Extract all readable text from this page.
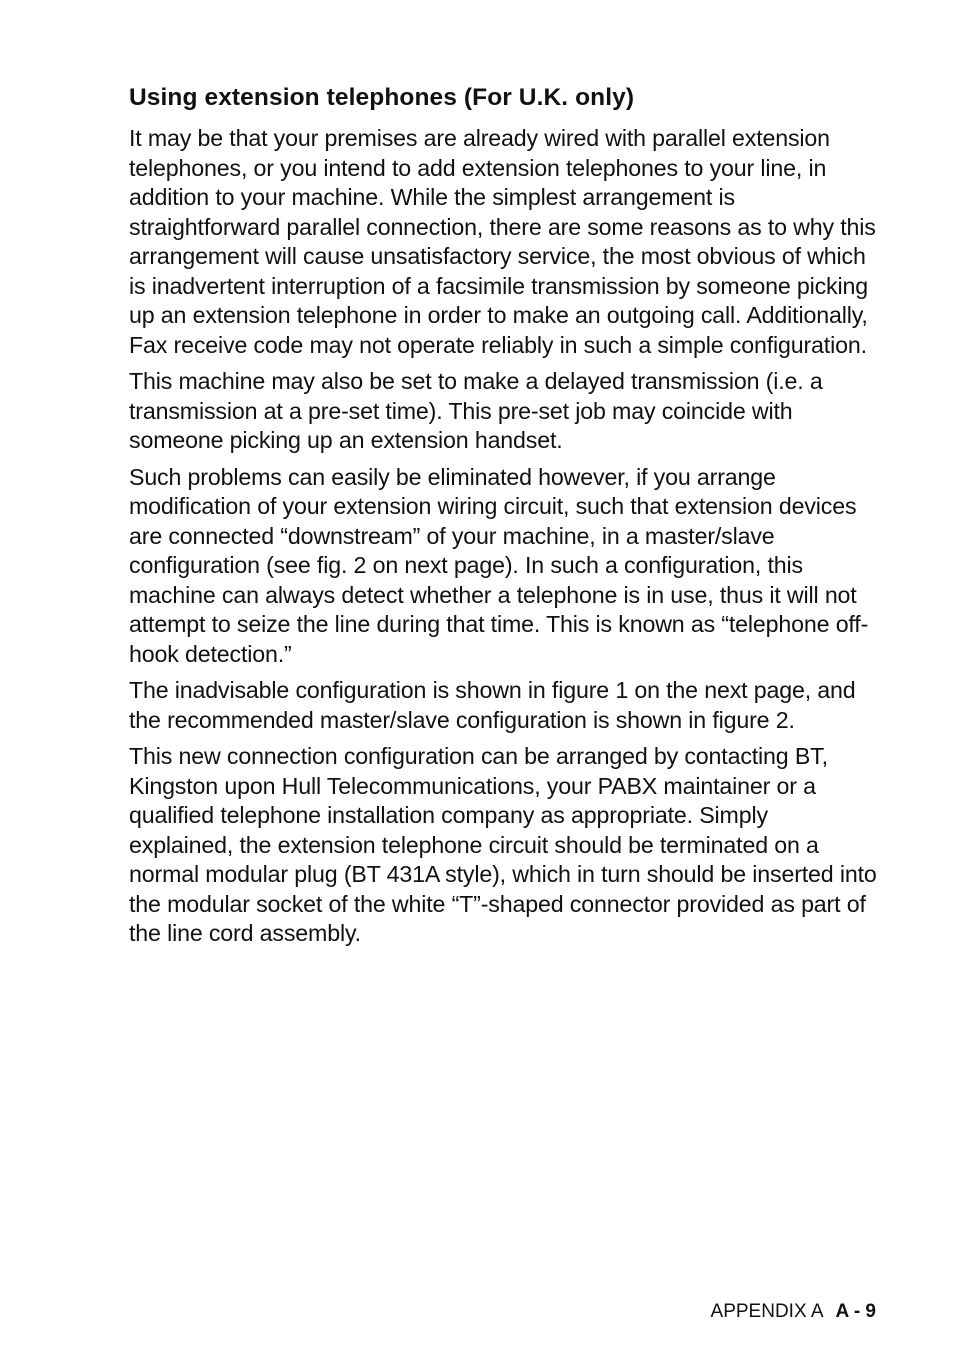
Using extension telephones (For U.K. only)

It may be that your premises are already wired with parallel extension telephones, or you intend to add extension telephones to your line, in addition to your machine. While the simplest arrangement is straightforward parallel connection, there are some reasons as to why this arrangement will cause unsatisfactory service, the most obvious of which is inadvertent interruption of a facsimile transmission by someone picking up an extension telephone in order to make an outgoing call. Additionally, Fax receive code may not operate reliably in such a simple configuration.

This machine may also be set to make a delayed transmission (i.e. a transmission at a pre-set time). This pre-set job may coincide with someone picking up an extension handset.

Such problems can easily be eliminated however, if you arrange modification of your extension wiring circuit, such that extension devices are connected “downstream” of your machine, in a master/slave configuration (see fig. 2 on next page). In such a configuration, this machine can always detect whether a telephone is in use, thus it will not attempt to seize the line during that time. This is known as “telephone off-hook detection.”

The inadvisable configuration is shown in figure 1 on the next page, and the recommended master/slave configuration is shown in figure 2.

This new connection configuration can be arranged by contacting BT, Kingston upon Hull Telecommunications, your PABX maintainer or a qualified telephone installation company as appropriate. Simply explained, the extension telephone circuit should be terminated on a normal modular plug (BT 431A style), which in turn should be inserted into the modular socket of the white “T”-shaped connector provided as part of the line cord assembly.

APPENDIX A A - 9
